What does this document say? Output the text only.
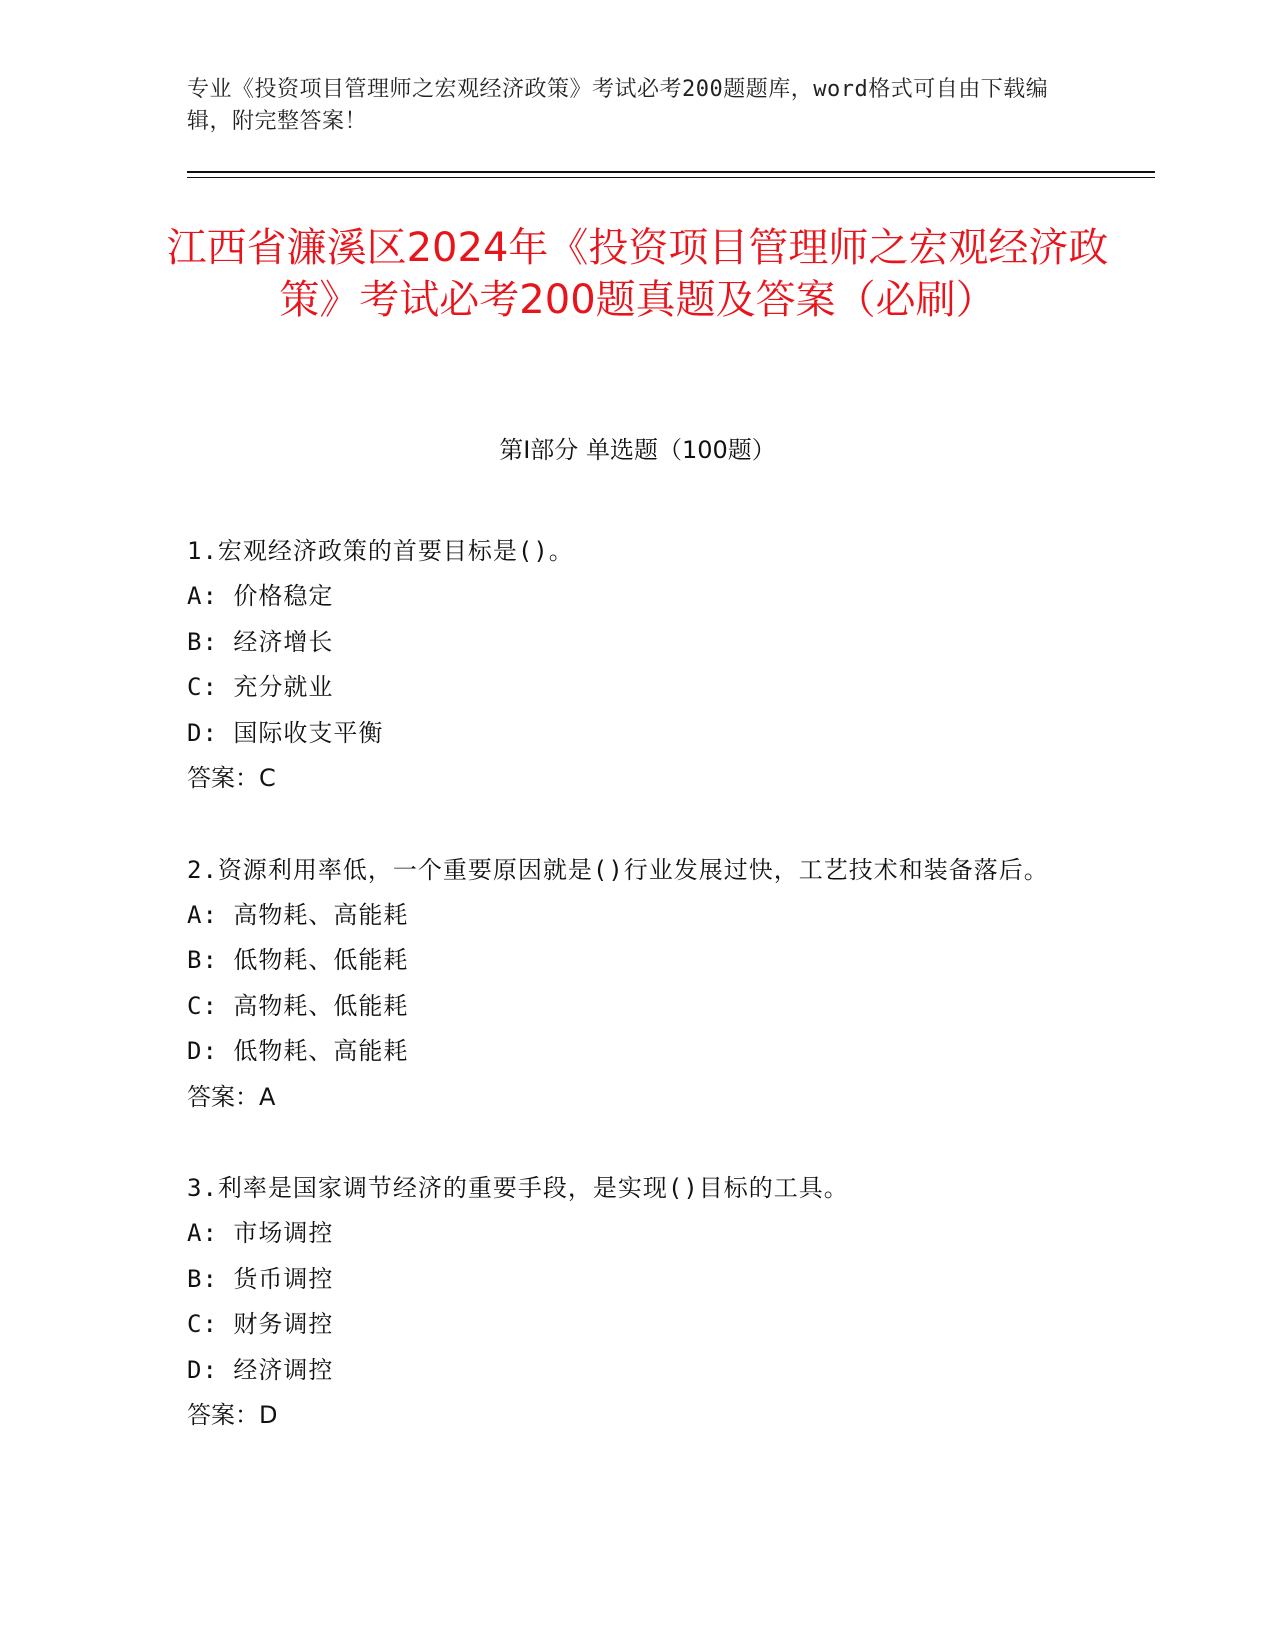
专业《投资项目管理师之宏观经济政策》考试必考200题题库，word格式可自由下载编辑，附完整答案！
江西省濂溪区2024年《投资项目管理师之宏观经济政策》考试必考200题真题及答案（必刷）
第Ⅰ部分 单选题（100题）
1.宏观经济政策的首要目标是()。
A: 价格稳定
B: 经济增长
C: 充分就业
D: 国际收支平衡
答案：C
2.资源利用率低，一个重要原因就是()行业发展过快，工艺技术和装备落后。
A: 高物耗、高能耗
B: 低物耗、低能耗
C: 高物耗、低能耗
D: 低物耗、高能耗
答案：A
3.利率是国家调节经济的重要手段，是实现()目标的工具。
A: 市场调控
B: 货币调控
C: 财务调控
D: 经济调控
答案：D
